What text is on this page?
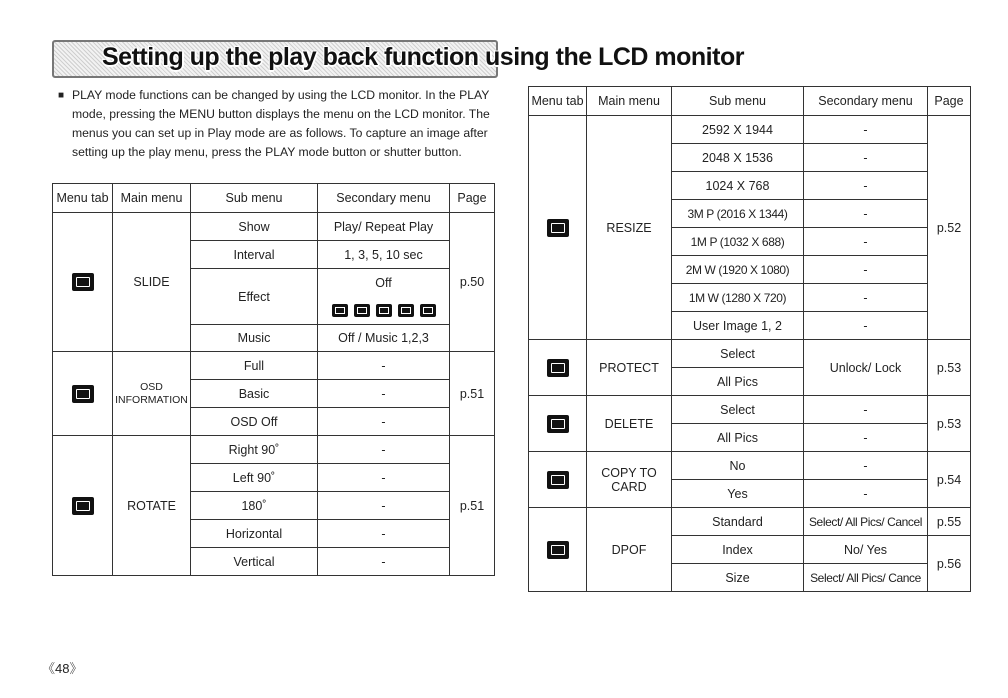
Setting up the play back function using the LCD monitor
■ PLAY mode functions can be changed by using the LCD monitor. In the PLAY mode, pressing the MENU button displays the menu on the LCD monitor. The menus you can set up in Play mode are as follows. To capture an image after setting up the play menu, press the PLAY mode button or shutter button.
Menu tab	Main menu	Sub menu	Secondary menu	Page
	SLIDE	Show	Play/ Repeat Play	p.50
		Interval	1, 3, 5, 10 sec	
		Effect	Off	

		Music	Off / Music 1,2,3	

	OSD
INFORMATION	Full	-	p.51
		Basic	-	
		OSD Off	-	
	ROTATE	Right 90˚	-	p.51
		Left 90˚	-	
		180˚	-	
		Horizontal	-	
		Vertical	-	
Menu tab	Main menu	Sub menu	Secondary menu	Page
	RESIZE	2592 X 1944	-	p.52
		2048 X 1536	-	
		1024 X 768	-	
		3M P (2016 X 1344)	-	
		1M P (1032 X 688)	-	
		2M W (1920 X 1080)	-	
		1M W (1280 X 720)	-	
		User Image 1, 2	-	
	PROTECT	Select	Unlock/ Lock	p.53
		All Pics		
	DELETE	Select	-	p.53
		All Pics	-	

	COPY TO
CARD	No	-	p.54
		Yes	-	
	DPOF	Standard	Select/ All Pics/ Cancel	p.55
		Index	No/ Yes	p.56
		Size	Select/ All Pics/ Cance	
《48》
